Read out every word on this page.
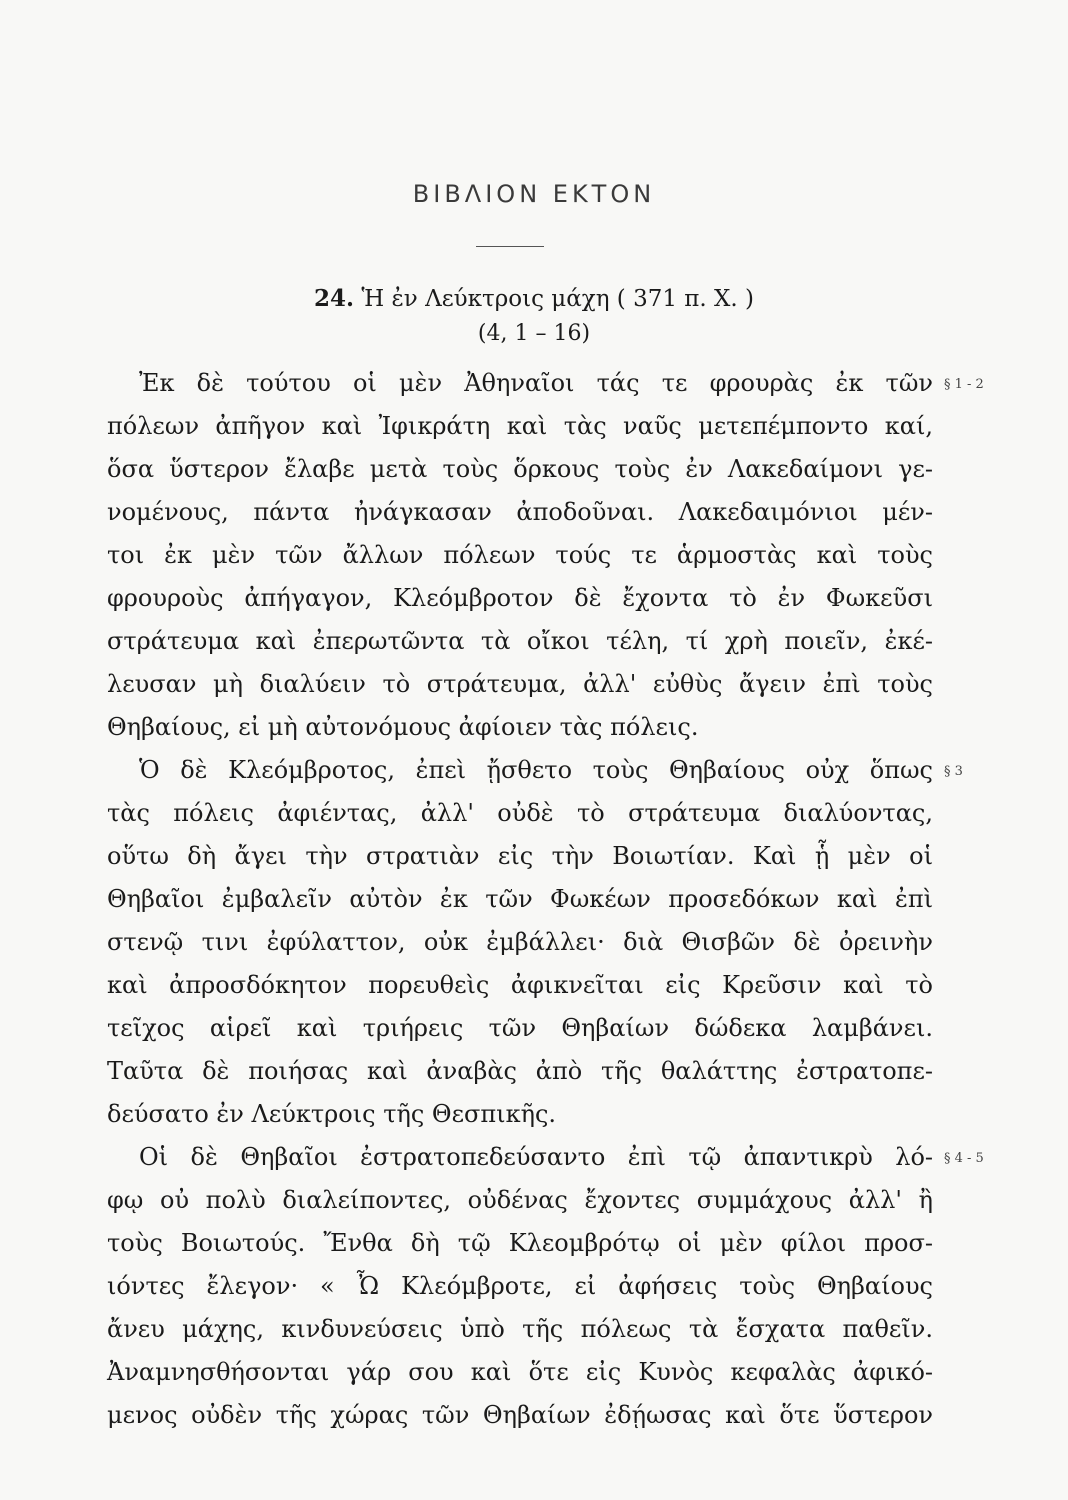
ΒΙΒΛΙΟΝ ΕΚΤΟΝ
24. Ἡ ἐν Λεύκτροις μάχη ( 371 π. Χ. )
(4, 1 – 16)
Ἐκ δὲ τούτου οἱ μὲν Ἀθηναῖοι τάς τε φρουρὰς ἐκ τῶν
πόλεων ἀπῆγον καὶ Ἰφικράτη καὶ τὰς ναῦς μετεπέμποντο καί,
ὅσα ὕστερον ἔλαβε μετὰ τοὺς ὅρκους τοὺς ἐν Λακεδαίμονι γε-
νομένους, πάντα ἠνάγκασαν ἀποδοῦναι. Λακεδαιμόνιοι μέν-
τοι ἐκ μὲν τῶν ἄλλων πόλεων τούς τε ἁρμοστὰς καὶ τοὺς
φρουροὺς ἀπήγαγον, Κλεόμβροτον δὲ ἔχοντα τὸ ἐν Φωκεῦσι
στράτευμα καὶ ἐπερωτῶντα τὰ οἴκοι τέλη, τί χρὴ ποιεῖν, ἐκέ-
λευσαν μὴ διαλύειν τὸ στράτευμα, ἀλλ' εὐθὺς ἄγειν ἐπὶ τοὺς
Θηβαίους, εἰ μὴ αὐτονόμους ἀφίοιεν τὰς πόλεις.
Ὁ δὲ Κλεόμβροτος, ἐπεὶ ᾔσθετο τοὺς Θηβαίους οὐχ ὅπως
τὰς πόλεις ἀφιέντας, ἀλλ' οὐδὲ τὸ στράτευμα διαλύοντας,
οὕτω δὴ ἄγει τὴν στρατιὰν εἰς τὴν Βοιωτίαν. Καὶ ᾗ μὲν οἱ
Θηβαῖοι ἐμβαλεῖν αὐτὸν ἐκ τῶν Φωκέων προσεδόκων καὶ ἐπὶ
στενῷ τινι ἐφύλαττον, οὐκ ἐμβάλλει· διὰ Θισβῶν δὲ ὀρεινὴν
καὶ ἀπροσδόκητον πορευθεὶς ἀφικνεῖται εἰς Κρεῦσιν καὶ τὸ
τεῖχος αἱρεῖ καὶ τριήρεις τῶν Θηβαίων δώδεκα λαμβάνει.
Ταῦτα δὲ ποιήσας καὶ ἀναβὰς ἀπὸ τῆς θαλάττης ἐστρατοπε-
δεύσατο ἐν Λεύκτροις τῆς Θεσπικῆς.
Οἱ δὲ Θηβαῖοι ἐστρατοπεδεύσαντο ἐπὶ τῷ ἀπαντικρὺ λό-
φῳ οὐ πολὺ διαλείποντες, οὐδένας ἔχοντες συμμάχους ἀλλ' ἢ
τοὺς Βοιωτούς. Ἔνθα δὴ τῷ Κλεομβρότῳ οἱ μὲν φίλοι προσ-
ιόντες ἔλεγον· « Ὦ Κλεόμβροτε, εἰ ἀφήσεις τοὺς Θηβαίους
ἄνευ μάχης, κινδυνεύσεις ὑπὸ τῆς πόλεως τὰ ἔσχατα παθεῖν.
Ἀναμνησθήσονται γάρ σου καὶ ὅτε εἰς Κυνὸς κεφαλὰς ἀφικό-
μενος οὐδὲν τῆς χώρας τῶν Θηβαίων ἐδῄωσας καὶ ὅτε ὕστερον
§ 1 - 2
§ 3
§ 4 - 5
